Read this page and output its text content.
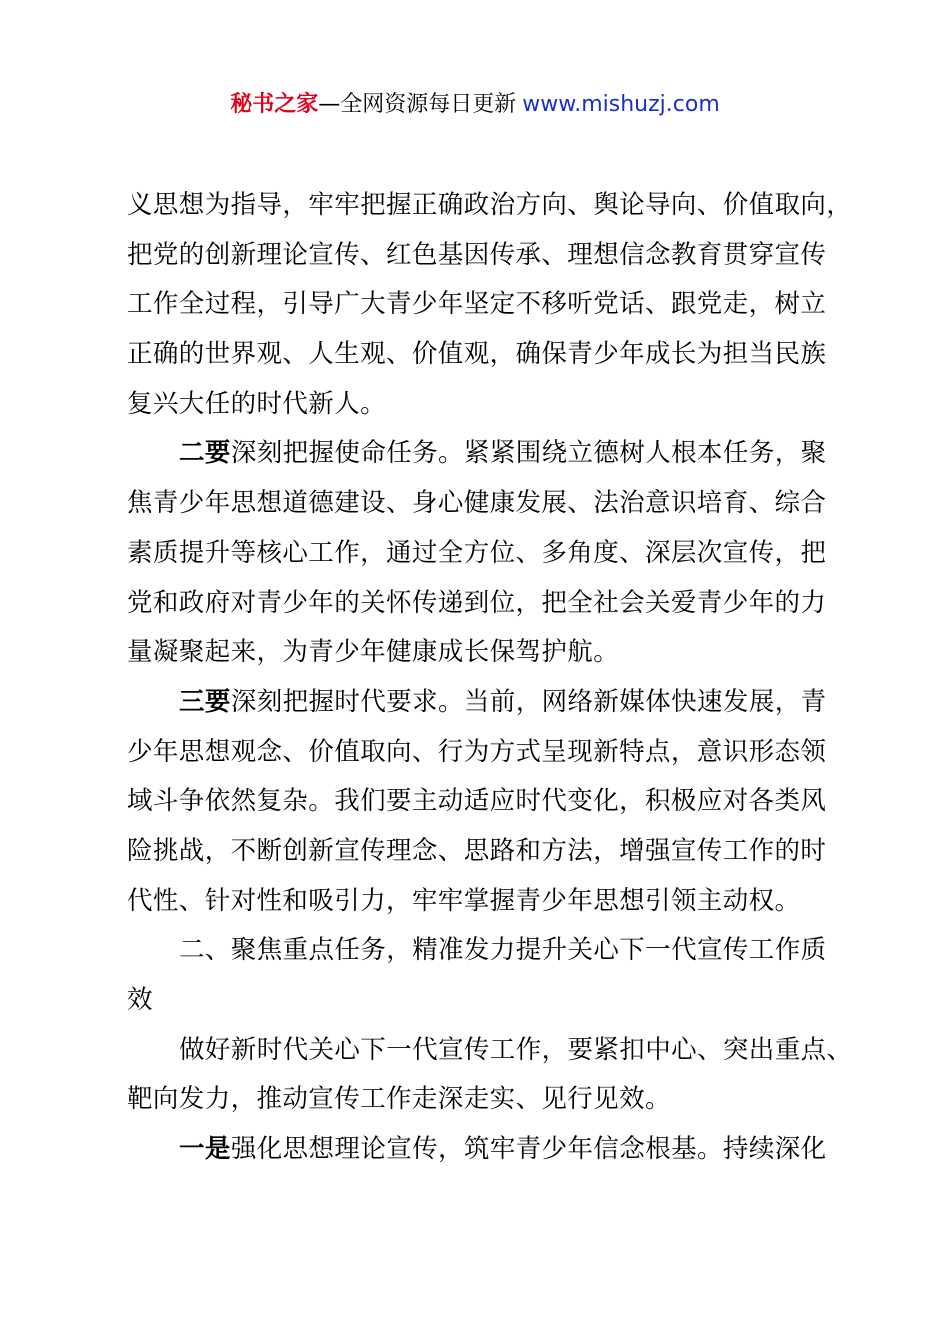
秘书之家—全网资源每日更新 www.mishuzj.com
义思想为指导，牢牢把握正确政治方向、舆论导向、价值取向，
把党的创新理论宣传、红色基因传承、理想信念教育贯穿宣传
工作全过程，引导广大青少年坚定不移听党话、跟党走，树立
正确的世界观、人生观、价值观，确保青少年成长为担当民族
复兴大任的时代新人。
二要深刻把握使命任务。紧紧围绕立德树人根本任务，聚
焦青少年思想道德建设、身心健康发展、法治意识培育、综合
素质提升等核心工作，通过全方位、多角度、深层次宣传，把
党和政府对青少年的关怀传递到位，把全社会关爱青少年的力
量凝聚起来，为青少年健康成长保驾护航。
三要深刻把握时代要求。当前，网络新媒体快速发展，青
少年思想观念、价值取向、行为方式呈现新特点，意识形态领
域斗争依然复杂。我们要主动适应时代变化，积极应对各类风
险挑战，不断创新宣传理念、思路和方法，增强宣传工作的时
代性、针对性和吸引力，牢牢掌握青少年思想引领主动权。
二、聚焦重点任务，精准发力提升关心下一代宣传工作质
效
做好新时代关心下一代宣传工作，要紧扣中心、突出重点、
靶向发力，推动宣传工作走深走实、见行见效。
一是强化思想理论宣传，筑牢青少年信念根基。持续深化
